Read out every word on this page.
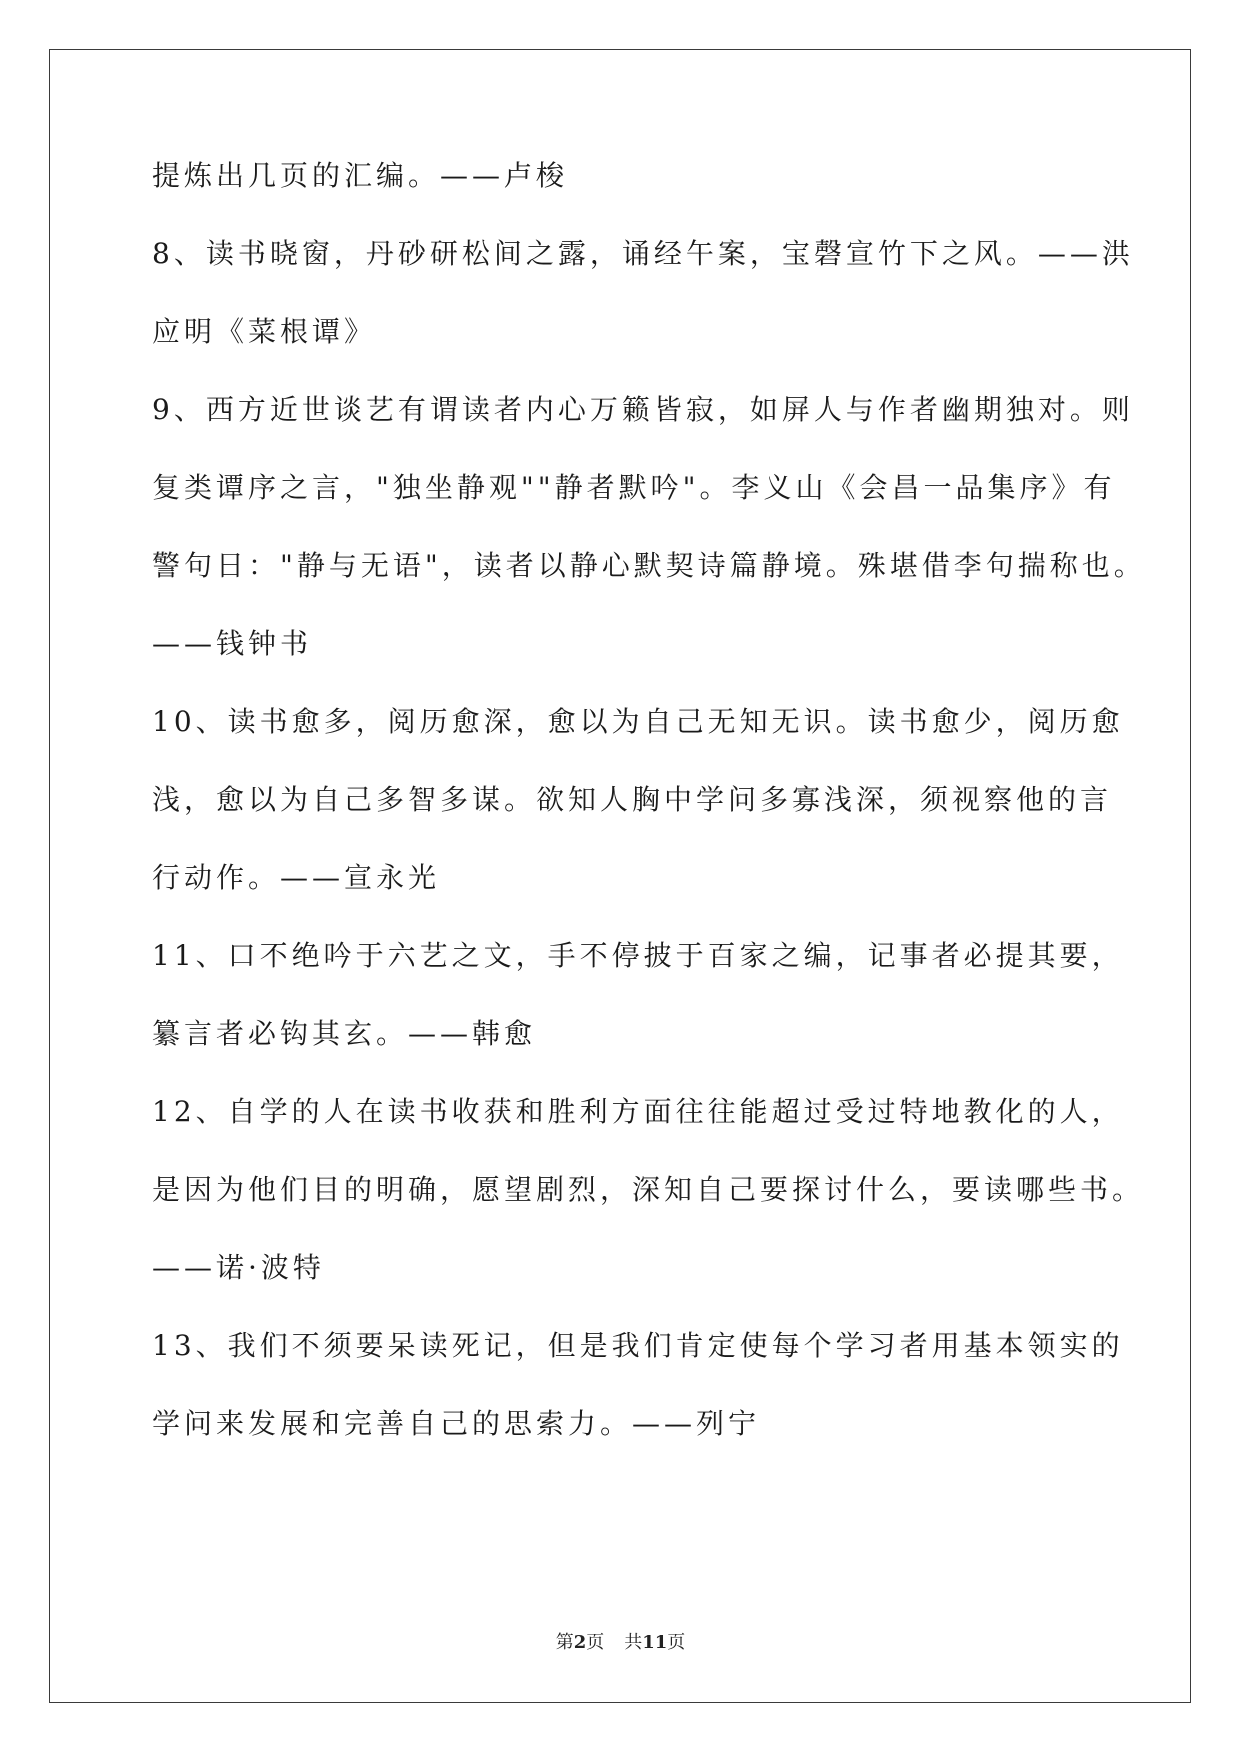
提炼出几页的汇编。——卢梭
8、读书晓窗，丹砂研松间之露，诵经午案，宝磬宣竹下之风。——洪
应明《菜根谭》
9、西方近世谈艺有谓读者内心万籁皆寂，如屏人与作者幽期独对。则
复类谭序之言，"独坐静观""静者默吟"。李义山《会昌一品集序》有
警句日："静与无语"，读者以静心默契诗篇静境。殊堪借李句揣称也。
——钱钟书
10、读书愈多，阅历愈深，愈以为自己无知无识。读书愈少，阅历愈
浅，愈以为自己多智多谋。欲知人胸中学问多寡浅深，须视察他的言
行动作。——宣永光
11、口不绝吟于六艺之文，手不停披于百家之编，记事者必提其要，
纂言者必钩其玄。——韩愈
12、自学的人在读书收获和胜利方面往往能超过受过特地教化的人，
是因为他们目的明确，愿望剧烈，深知自己要探讨什么，要读哪些书。
——诺·波特
13、我们不须要呆读死记，但是我们肯定使每个学习者用基本领实的
学问来发展和完善自己的思索力。——列宁
第2页 共11页
